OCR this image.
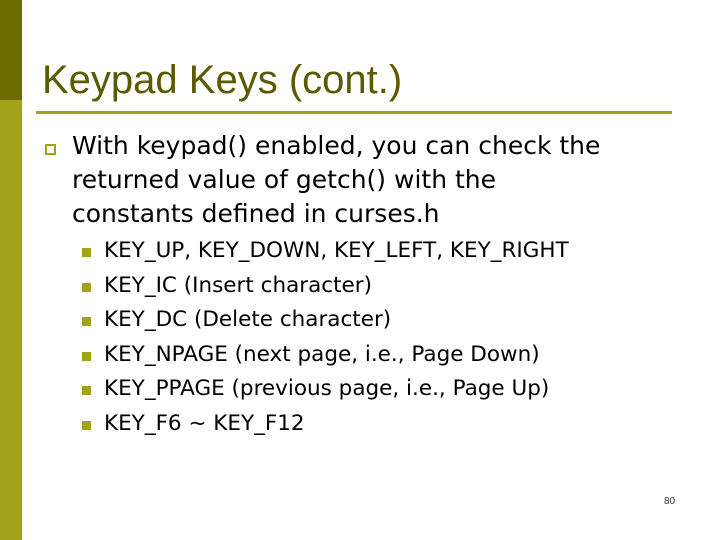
Keypad Keys (cont.)
With keypad() enabled, you can check the
returned value of getch() with the
constants defined in curses.h
KEY_UP, KEY_DOWN, KEY_LEFT, KEY_RIGHT
KEY_IC (Insert character)
KEY_DC (Delete character)
KEY_NPAGE (next page, i.e., Page Down)
KEY_PPAGE (previous page, i.e., Page Up)
KEY_F6 ~ KEY_F12
80
